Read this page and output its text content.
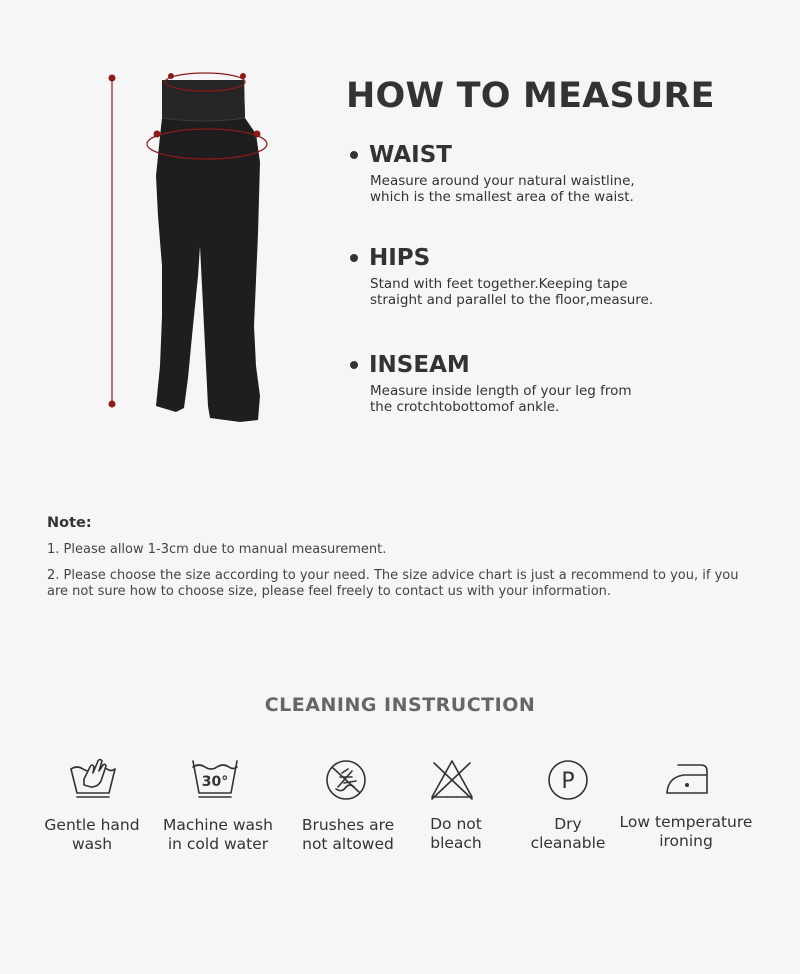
HOW TO MEASURE
WAIST
Measure around your natural waistline,
which is the smallest area of the waist.
HIPS
Stand with feet together.Keeping tape
straight and parallel to the floor,measure.
INSEAM
Measure inside length of your leg from
the crotchtobottomof ankle.
Note:
1. Please allow 1-3cm due to manual measurement.
2. Please choose the size according to your need. The size advice chart is just a recommend to you, if you
are not sure how to choose size, please feel freely to contact us with your information.
CLEANING INSTRUCTION
30°	P
Gentle hand
wash
Machine wash
in cold water
Brushes are
not altowed
Do not
bleach
Dry
cleanable
Low temperature
ironing
